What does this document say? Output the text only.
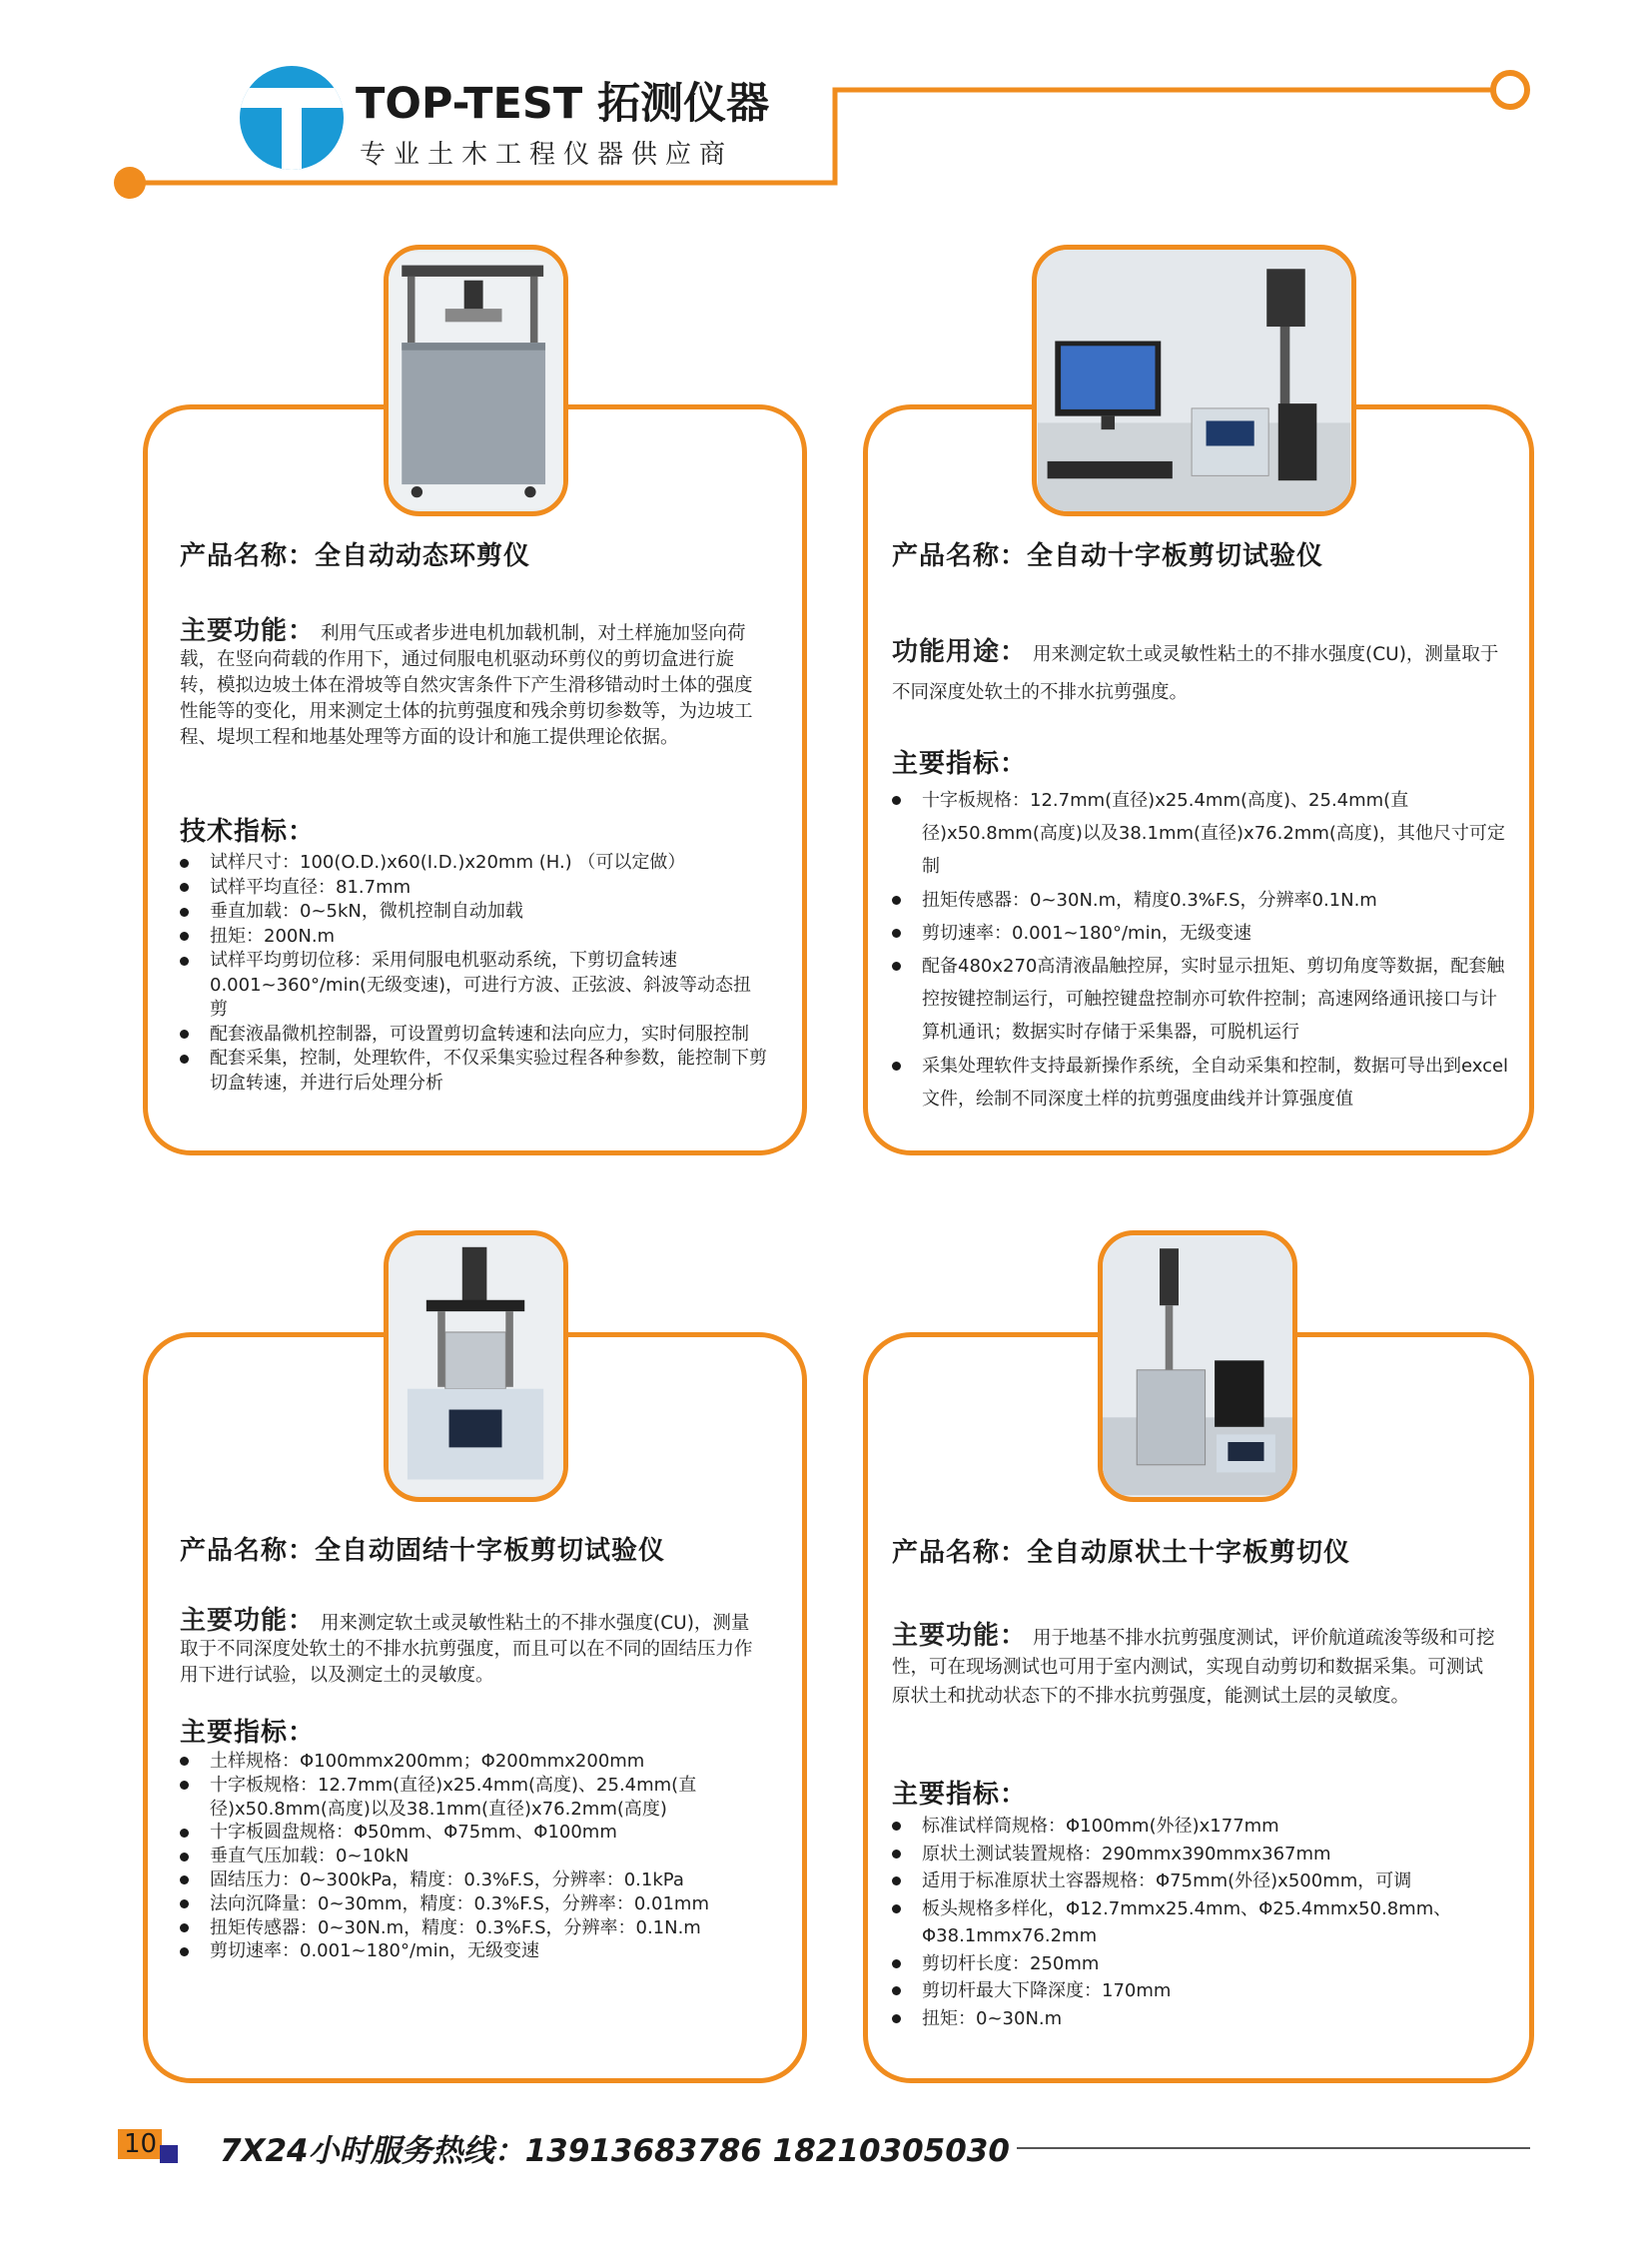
TOP-TEST 拓测仪器
专业土木工程仪器供应商
产品名称：全自动动态环剪仪
主要功能： 利用气压或者步进电机加载机制，对土样施加竖向荷载，在竖向荷载的作用下，通过伺服电机驱动环剪仪的剪切盒进行旋转，模拟边坡土体在滑坡等自然灾害条件下产生滑移错动时土体的强度性能等的变化，用来测定土体的抗剪强度和残余剪切参数等，为边坡工程、堤坝工程和地基处理等方面的设计和施工提供理论依据。
技术指标：
试样尺寸：100(O.D.)x60(I.D.)x20mm (H.) （可以定做）
试样平均直径：81.7mm
垂直加载：0~5kN，微机控制自动加载
扭矩：200N.m
试样平均剪切位移：采用伺服电机驱动系统，下剪切盒转速0.001~360°/min(无级变速)，可进行方波、正弦波、斜波等动态扭剪
配套液晶微机控制器，可设置剪切盒转速和法向应力，实时伺服控制
配套采集，控制，处理软件，不仅采集实验过程各种参数，能控制下剪切盒转速，并进行后处理分析
产品名称：全自动十字板剪切试验仪
功能用途： 用来测定软土或灵敏性粘土的不排水强度(CU)，测量取于不同深度处软土的不排水抗剪强度。
主要指标：
十字板规格：12.7mm(直径)x25.4mm(高度)、25.4mm(直径)x50.8mm(高度)以及38.1mm(直径)x76.2mm(高度)，其他尺寸可定制
扭矩传感器：0~30N.m，精度0.3%F.S，分辨率0.1N.m
剪切速率：0.001~180°/min，无级变速
配备480x270高清液晶触控屏，实时显示扭矩、剪切角度等数据，配套触控按键控制运行，可触控键盘控制亦可软件控制；高速网络通讯接口与计算机通讯；数据实时存储于采集器，可脱机运行
采集处理软件支持最新操作系统，全自动采集和控制，数据可导出到excel文件，绘制不同深度土样的抗剪强度曲线并计算强度值
产品名称：全自动固结十字板剪切试验仪
主要功能： 用来测定软土或灵敏性粘土的不排水强度(CU)，测量取于不同深度处软土的不排水抗剪强度，而且可以在不同的固结压力作用下进行试验，以及测定土的灵敏度。
主要指标：
土样规格：Φ100mmx200mm；Φ200mmx200mm
十字板规格：12.7mm(直径)x25.4mm(高度)、25.4mm(直径)x50.8mm(高度)以及38.1mm(直径)x76.2mm(高度)
十字板圆盘规格：Φ50mm、Φ75mm、Φ100mm
垂直气压加载：0~10kN
固结压力：0~300kPa，精度：0.3%F.S，分辨率：0.1kPa
法向沉降量：0~30mm，精度：0.3%F.S，分辨率：0.01mm
扭矩传感器：0~30N.m，精度：0.3%F.S，分辨率：0.1N.m
剪切速率：0.001~180°/min，无级变速
产品名称：全自动原状土十字板剪切仪
主要功能： 用于地基不排水抗剪强度测试，评价航道疏浚等级和可挖性，可在现场测试也可用于室内测试，实现自动剪切和数据采集。可测试原状土和扰动状态下的不排水抗剪强度，能测试土层的灵敏度。
主要指标：
标准试样筒规格：Φ100mm(外径)x177mm
原状土测试装置规格：290mmx390mmx367mm
适用于标准原状土容器规格：Φ75mm(外径)x500mm，可调
板头规格多样化，Φ12.7mmx25.4mm、Φ25.4mmx50.8mm、Φ38.1mmx76.2mm
剪切杆长度：250mm
剪切杆最大下降深度：170mm
扭矩：0~30N.m
10 7X24小时服务热线：13913683786 18210305030
